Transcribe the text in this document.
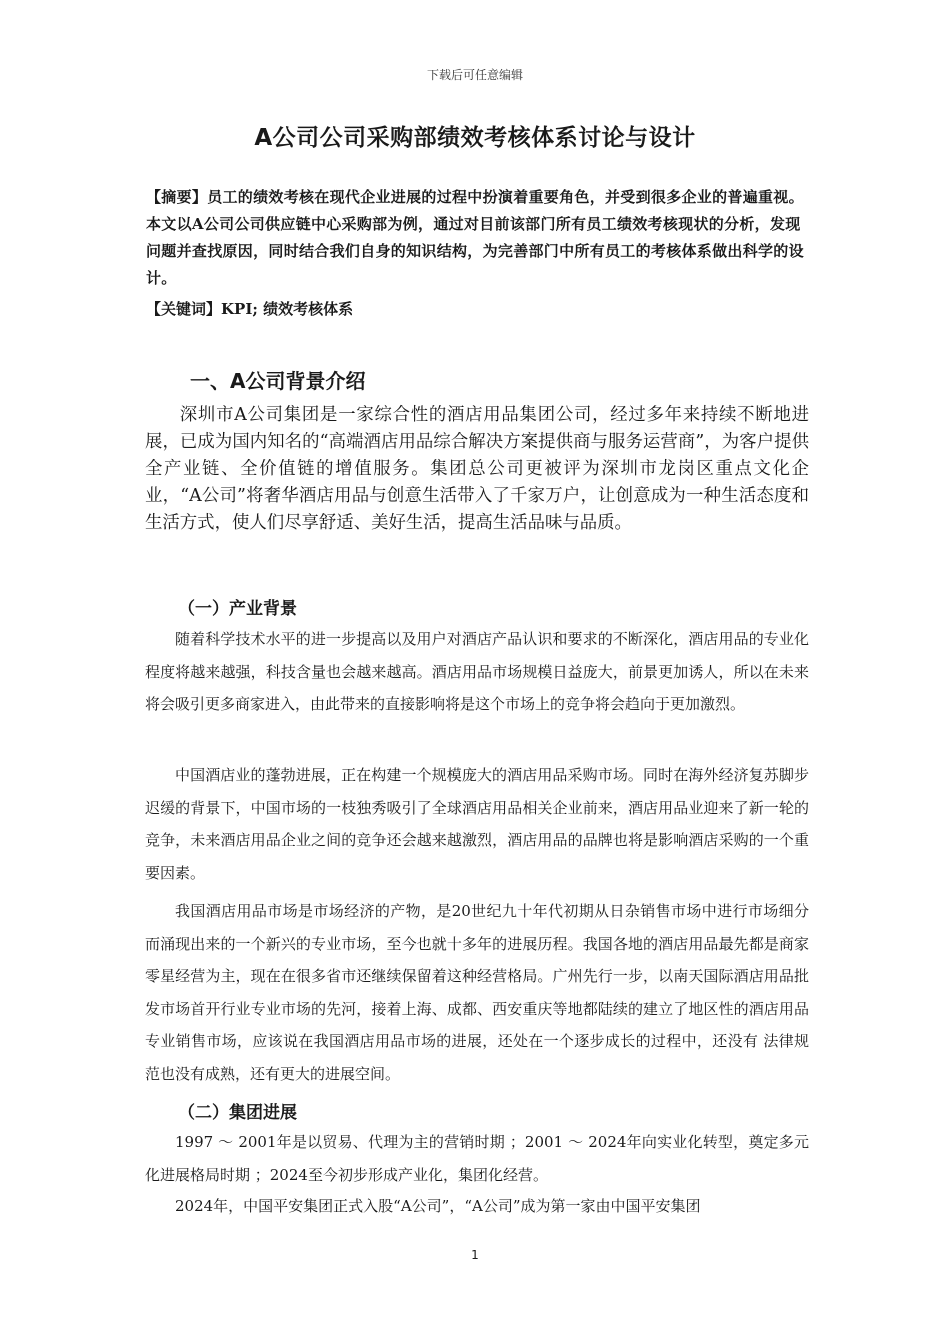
下载后可任意编辑
A公司公司采购部绩效考核体系讨论与设计
【摘要】员工的绩效考核在现代企业进展的过程中扮演着重要角色，并受到很多企业的普遍重视。本文以A公司公司供应链中心采购部为例，通过对目前该部门所有员工绩效考核现状的分析，发现问题并查找原因，同时结合我们自身的知识结构，为完善部门中所有员工的考核体系做出科学的设计。
【关键词】KPI; 绩效考核体系
一、A公司背景介绍
深圳市A公司集团是一家综合性的酒店用品集团公司，经过多年来持续不断地进展，已成为国内知名的“高端酒店用品综合解决方案提供商与服务运营商”，为客户提供全产业链、全价值链的增值服务。集团总公司更被评为深圳市龙岗区重点文化企业，“A公司”将奢华酒店用品与创意生活带入了千家万户，让创意成为一种生活态度和生活方式，使人们尽享舒适、美好生活，提高生活品味与品质。
（一）产业背景
随着科学技术水平的进一步提高以及用户对酒店产品认识和要求的不断深化，酒店用品的专业化程度将越来越强，科技含量也会越来越高。酒店用品市场规模日益庞大，前景更加诱人，所以在未来将会吸引更多商家进入，由此带来的直接影响将是这个市场上的竞争将会趋向于更加激烈。
中国酒店业的蓬勃进展，正在构建一个规模庞大的酒店用品采购市场。同时在海外经济复苏脚步迟缓的背景下，中国市场的一枝独秀吸引了全球酒店用品相关企业前来，酒店用品业迎来了新一轮的竞争，未来酒店用品企业之间的竞争还会越来越激烈，酒店用品的品牌也将是影响酒店采购的一个重要因素。
我国酒店用品市场是市场经济的产物，是20世纪九十年代初期从日杂销售市场中进行市场细分而涌现出来的一个新兴的专业市场，至今也就十多年的进展历程。我国各地的酒店用品最先都是商家零星经营为主，现在在很多省市还继续保留着这种经营格局。广州先行一步，以南天国际酒店用品批发市场首开行业专业市场的先河，接着上海、成都、西安重庆等地都陆续的建立了地区性的酒店用品专业销售市场，应该说在我国酒店用品市场的进展，还处在一个逐步成长的过程中，还没有 法律规范也没有成熟，还有更大的进展空间。
（二）集团进展
1997 ～ 2001年是以贸易、代理为主的营销时期 ；2001 ～ 2024年向实业化转型，奠定多元化进展格局时期 ；2024至今初步形成产业化，集团化经营。
2024年，中国平安集团正式入股“A公司”，“A公司”成为第一家由中国平安集团
1
